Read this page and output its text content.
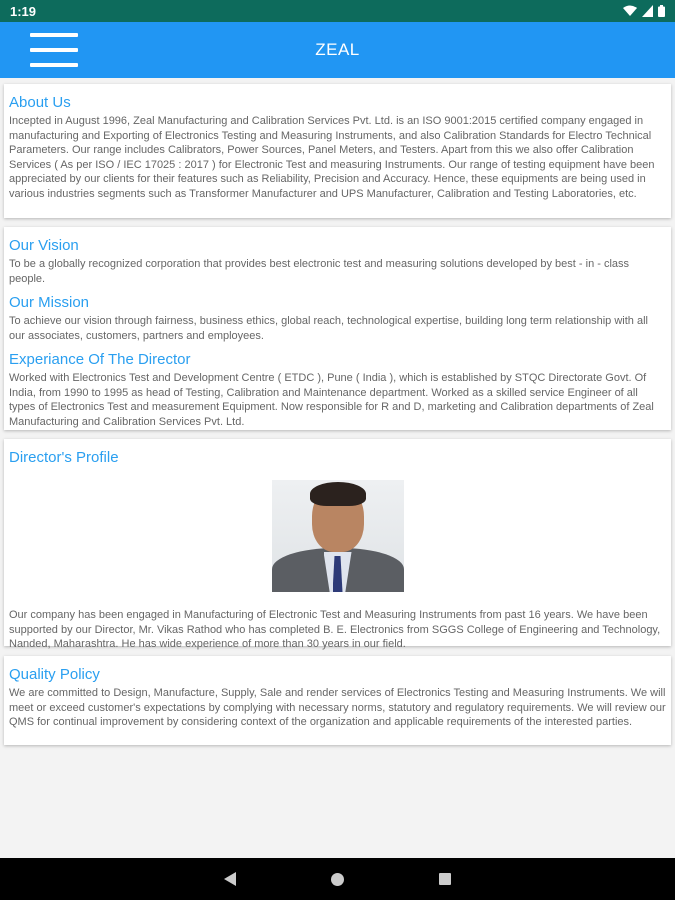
1:19
ZEAL
About Us

Incepted in August 1996, Zeal Manufacturing and Calibration Services Pvt. Ltd. is an ISO 9001:2015 certified company engaged in manufacturing and Exporting of Electronics Testing and Measuring Instruments, and also Calibration Standards for Electro Technical Parameters. Our range includes Calibrators, Power Sources, Panel Meters, and Testers. Apart from this we also offer Calibration Services ( As per ISO / IEC 17025 : 2017 ) for Electronic Test and measuring Instruments. Our range of testing equipment have been appreciated by our clients for their features such as Reliability, Precision and Accuracy. Hence, these equipments are being used in various industries segments such as Transformer Manufacturer and UPS Manufacturer, Calibration and Testing Laboratories, etc.

Our Vision

To be a globally recognized corporation that provides best electronic test and measuring solutions developed by best - in - class people.

Our Mission

To achieve our vision through fairness, business ethics, global reach, technological expertise, building long term relationship with all our associates, customers, partners and employees.

Experiance Of The Director

Worked with Electronics Test and Development Centre ( ETDC ), Pune ( India ), which is established by STQC Directorate Govt. Of India, from 1990 to 1995 as head of Testing, Calibration and Maintenance department. Worked as a skilled service Engineer of all types of Electronics Test and measurement Equipment. Now responsible for R and D, marketing and Calibration departments of Zeal Manufacturing and Calibration Services Pvt. Ltd.

Director's Profile

Our company has been engaged in Manufacturing of Electronic Test and Measuring Instruments from past 16 years. We have been supported by our Director, Mr. Vikas Rathod who has completed B. E. Electronics from SGGS College of Engineering and Technology, Nanded, Maharashtra. He has wide experience of more than 30 years in our field.

Quality Policy

We are committed to Design, Manufacture, Supply, Sale and render services of Electronics Testing and Measuring Instruments. We will meet or exceed customer's expectations by complying with necessary norms, statutory and regulatory requirements. We will review our QMS for continual improvement by considering context of the organization and applicable requirements of the interested parties.
